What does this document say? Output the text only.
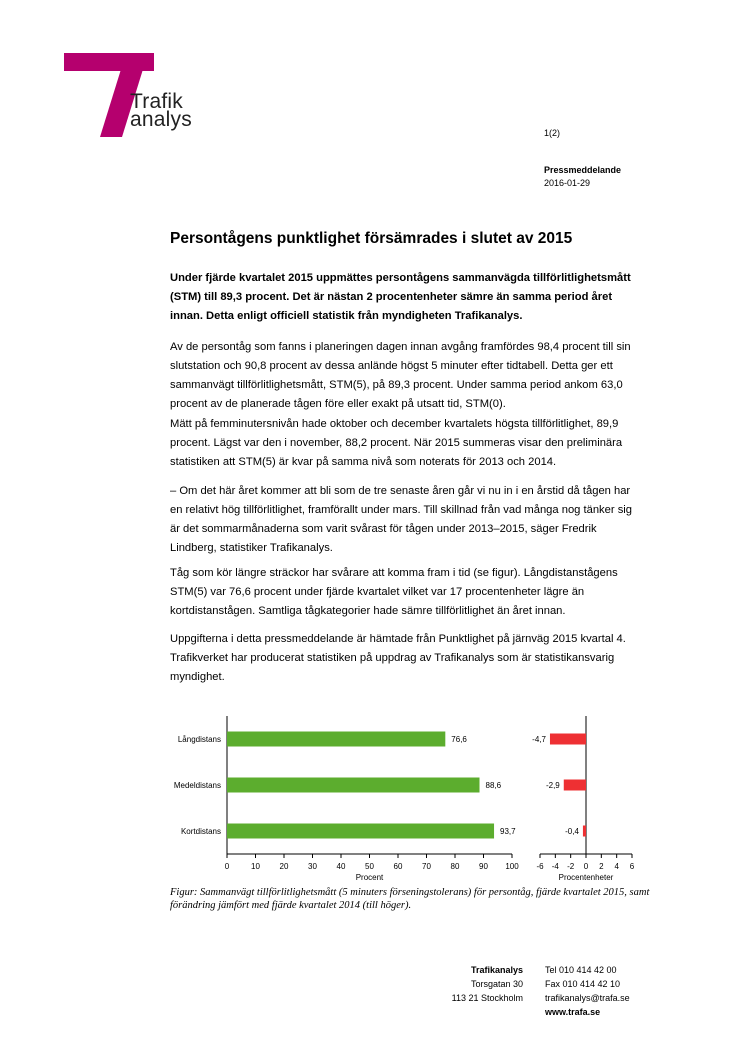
Trafik
analys
1(2)
Pressmeddelande
2016-01-29
Persontågens punktlighet försämrades i slutet av 2015
Under fjärde kvartalet 2015 uppmättes persontågens sammanvägda tillförlitlighetsmått (STM) till 89,3 procent. Det är nästan 2 procentenheter sämre än samma period året innan. Detta enligt officiell statistik från myndigheten Trafikanalys.
Av de persontåg som fanns i planeringen dagen innan avgång framfördes 98,4 procent till sin slutstation och 90,8 procent av dessa anlände högst 5 minuter efter tidtabell. Detta ger ett sammanvägt tillförlitlighetsmått, STM(5), på 89,3 procent. Under samma period ankom 63,0 procent av de planerade tågen före eller exakt på utsatt tid, STM(0).
Mätt på femminutersnivån hade oktober och december kvartalets högsta tillförlitlighet, 89,9 procent. Lägst var den i november, 88,2 procent. När 2015 summeras visar den preliminära statistiken att STM(5) är kvar på samma nivå som noterats för 2013 och 2014.
– Om det här året kommer att bli som de tre senaste åren går vi nu in i en årstid då tågen har en relativt hög tillförlitlighet, framförallt under mars. Till skillnad från vad många nog tänker sig är det sommarmånaderna som varit svårast för tågen under 2013–2015, säger Fredrik Lindberg, statistiker Trafikanalys.
Tåg som kör längre sträckor har svårare att komma fram i tid (se figur). Långdistanstågens STM(5) var 76,6 procent under fjärde kvartalet vilket var 17 procentenheter lägre än kortdistanstågen. Samtliga tågkategorier hade sämre tillförlitlighet än året innan.
Uppgifterna i detta pressmeddelande är hämtade från Punktlighet på järnväg 2015 kvartal 4. Trafikverket har producerat statistiken på uppdrag av Trafikanalys som är statistikansvarig myndighet.
0	10 20 30 40 50 60 70 80 90 100
Procent
Långdistans	76,6
Medeldistans	88,6
Kortdistans	93,7
-6 -4 -2 0 2 4 6
Procentenheter
-4,7
-2,9
-0,4
Figur: Sammanvägt tillförlitlighetsmått (5 minuters förseningstolerans) för persontåg, fjärde kvartalet 2015, samt förändring jämfört med fjärde kvartalet 2014 (till höger).
Trafikanalys
Torsgatan 30
113 21 Stockholm
Tel 010 414 42 00
Fax 010 414 42 10
trafikanalys@trafa.se
www.trafa.se
